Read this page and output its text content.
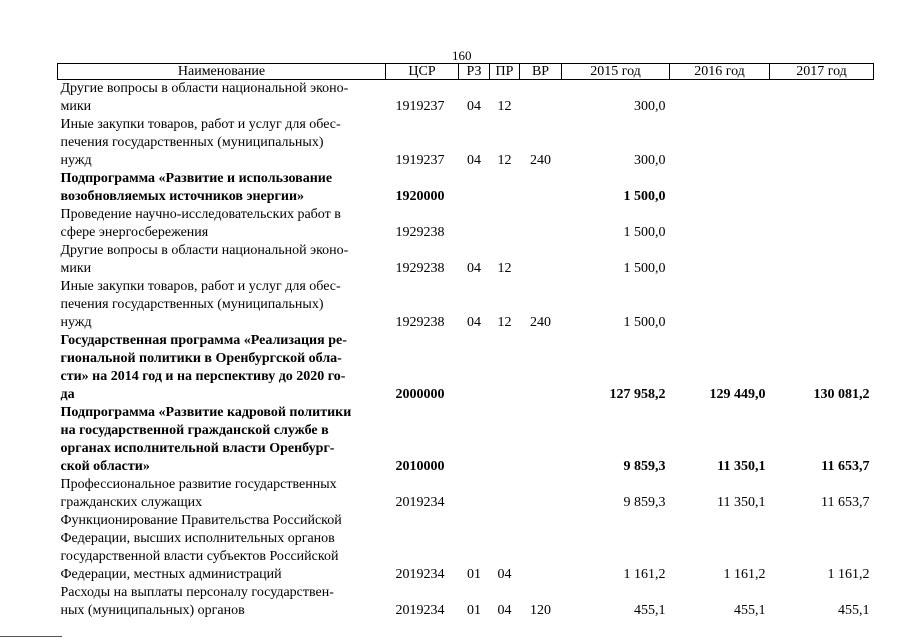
160
Наименование	ЦСР	РЗ	ПР	ВР	2015 год	2016 год	2017 год
Другие вопросы в области национальной эконо-
мики	1919237	04	12		300,0		
Иные закупки товаров, работ и услуг для обес-
печения государственных (муниципальных)
нужд	1919237	04	12	240	300,0		
Подпрограмма «Развитие и использование
возобновляемых источников энергии»	1920000				1 500,0		
Проведение научно-исследовательских работ в
сфере энергосбережения	1929238				1 500,0		
Другие вопросы в области национальной эконо-
мики	1929238	04	12		1 500,0		
Иные закупки товаров, работ и услуг для обес-
печения государственных (муниципальных)
нужд	1929238	04	12	240	1 500,0		
Государственная программа «Реализация ре-
гиональной политики в Оренбургской обла-
сти» на 2014 год и на перспективу до 2020 го-
да	2000000				127 958,2	129 449,0	130 081,2
Подпрограмма «Развитие кадровой политики
на государственной гражданской службе в
органах исполнительной власти Оренбург-
ской области»	2010000				9 859,3	11 350,1	11 653,7
Профессиональное развитие государственных
гражданских служащих	2019234				9 859,3	11 350,1	11 653,7
Функционирование Правительства Российской
Федерации, высших исполнительных органов
государственной власти субъектов Российской
Федерации, местных администраций	2019234	01	04		1 161,2	1 161,2	1 161,2
Расходы на выплаты персоналу государствен-
ных (муниципальных) органов	2019234	01	04	120	455,1	455,1	455,1
